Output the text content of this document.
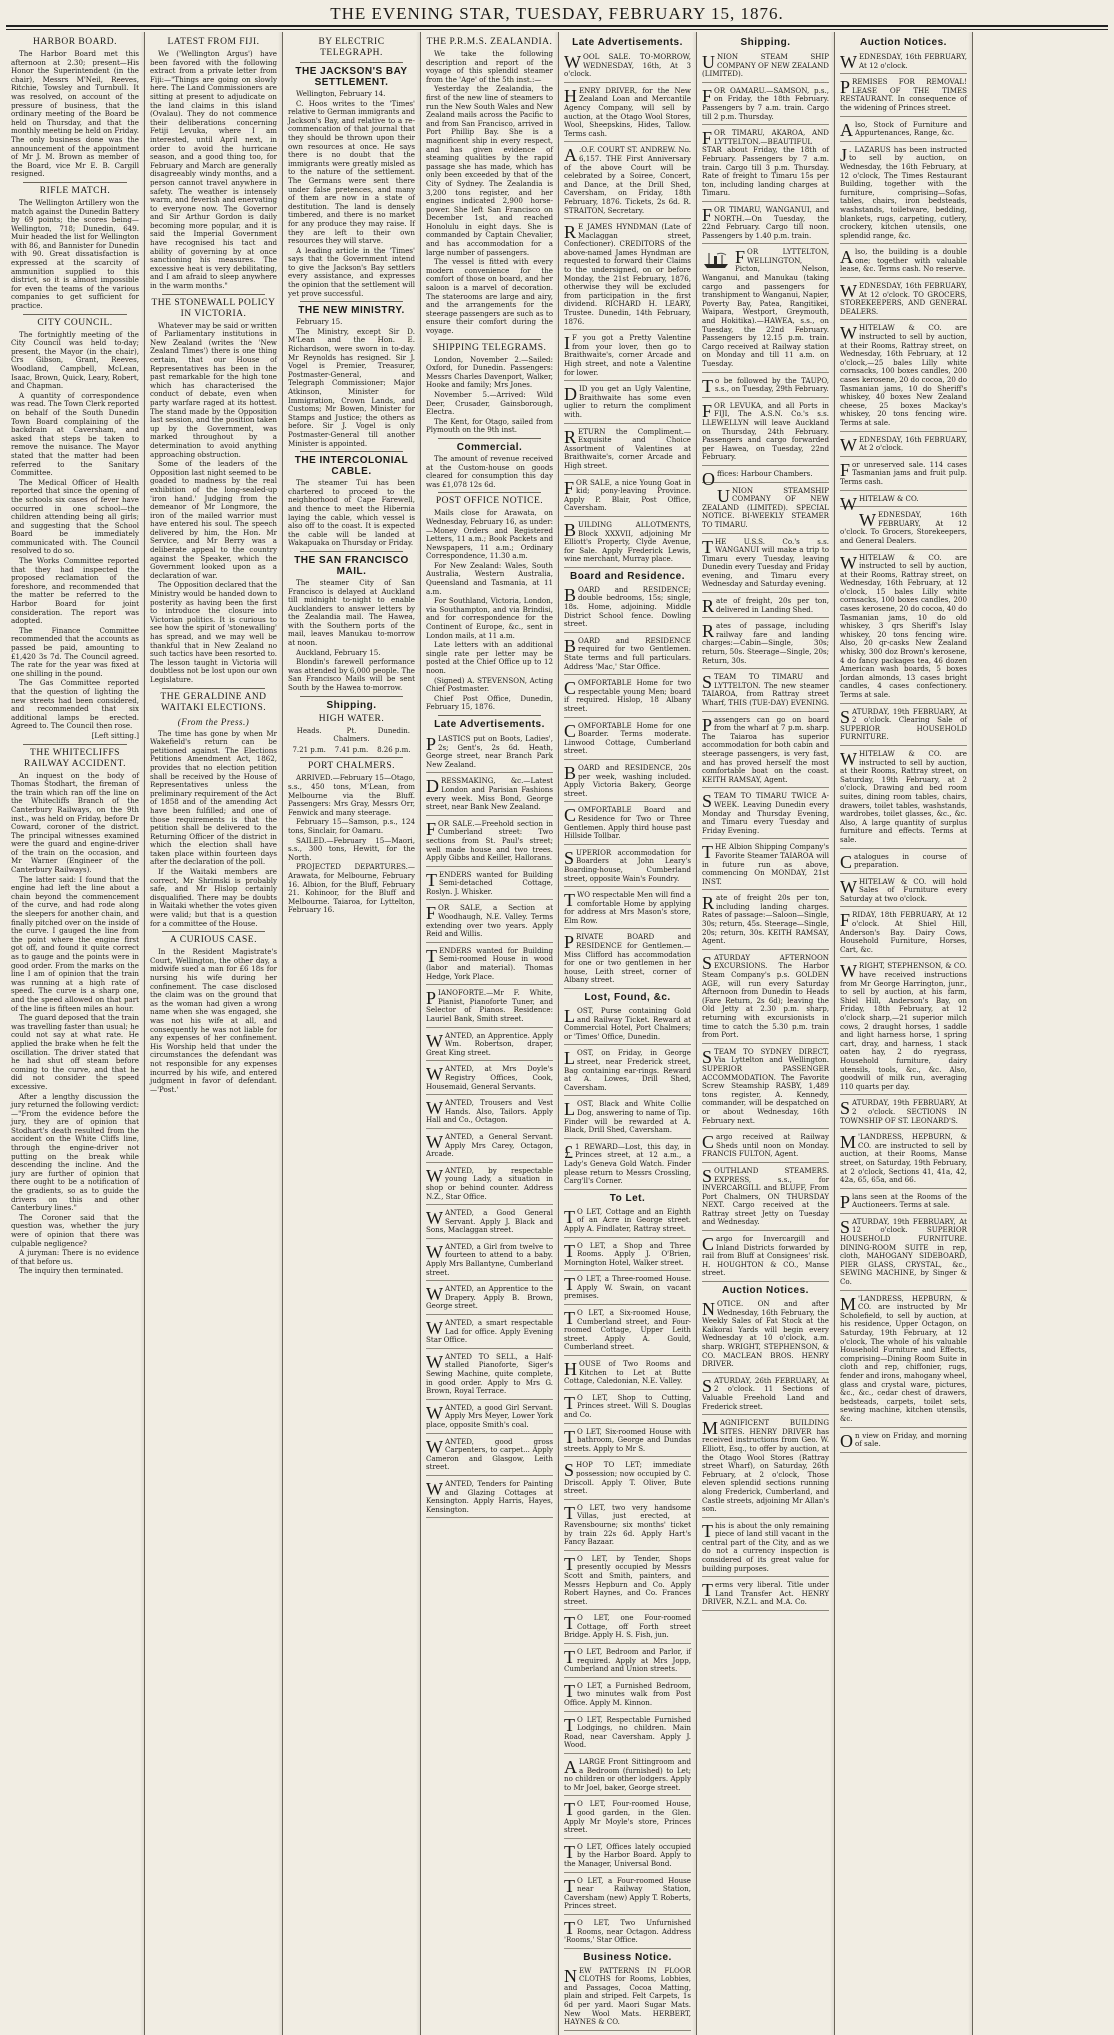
THE EVENING STAR, TUESDAY, FEBRUARY 15, 1876.
HARBOR BOARD.

The Harbor Board met this afternoon at 2.30; present—His Honor the Superintendent (in the chair), Messrs M'Neil, Reeves, Ritchie, Towsley and Turnbull. It was resolved, on account of the pressure of business, that the ordinary meeting of the Board be held on Thursday, and that the monthly meeting be held on Friday. The only business done was the announcement of the appointment of Mr J. M. Brown as member of the Board, vice Mr E. B. Cargill resigned.

RIFLE MATCH.

The Wellington Artillery won the match against the Dunedin Battery by 69 points; the scores being—Wellington, 718; Dunedin, 649. Muir headed the list for Wellington with 86, and Bannister for Dunedin with 90. Great dissatisfaction is expressed at the scarcity of ammunition supplied to this district, so it is almost impossible for even the teams of the various companies to get sufficient for practice.

CITY COUNCIL.

The fortnightly meeting of the City Council was held to-day; present, the Mayor (in the chair), Crs Gibson, Grant, Reeves, Woodland, Campbell, McLean, Isaac, Brown, Quick, Leary, Robert, and Chapman.

A quantity of correspondence was read. The Town Clerk reported on behalf of the South Dunedin Town Board complaining of the backdrain at Caversham, and asked that steps be taken to remove the nuisance. The Mayor stated that the matter had been referred to the Sanitary Committee.

The Medical Officer of Health reported that since the opening of the schools six cases of fever have occurred in one school—the children attending being all girls; and suggesting that the School Board be immediately communicated with. The Council resolved to do so.

The Works Committee reported that they had inspected the proposed reclamation of the foreshore, and recommended that the matter be referred to the Harbor Board for joint consideration. The report was adopted.

The Finance Committee recommended that the accounts as passed be paid, amounting to £1,420 3s 7d. The Council agreed. The rate for the year was fixed at one shilling in the pound.

The Gas Committee reported that the question of lighting the new streets had been considered, and recommended that six additional lamps be erected. Agreed to. The Council then rose.

[Left sitting.]
THE WHITECLIFFS RAILWAY ACCIDENT.

An inquest on the body of Thomas Stodhart, the fireman of the train which ran off the line on the Whitecliffs Branch of the Canterbury Railways, on the 9th inst., was held on Friday, before Dr Coward, coroner of the district. The principal witnesses examined were the guard and engine-driver of the train on the occasion, and Mr Warner (Engineer of the Canterbury Railways).

The latter said: I found that the engine had left the line about a chain beyond the commencement of the curve, and had rode along the sleepers for another chain, and finally pitched over on the inside of the curve. I gauged the line from the point where the engine first got off, and found it quite correct as to gauge and the points were in good order. From the marks on the line I am of opinion that the train was running at a high rate of speed. The curve is a sharp one, and the speed allowed on that part of the line is fifteen miles an hour.

The guard deposed that the train was travelling faster than usual; he could not say at what rate. He applied the brake when he felt the oscillation. The driver stated that he had shut off steam before coming to the curve, and that he did not consider the speed excessive.

After a lengthy discussion the jury returned the following verdict:—"From the evidence before the jury, they are of opinion that Stodhart's death resulted from the accident on the White Cliffs line, through the engine-driver not putting on the break while descending the incline. And the jury are further of opinion that there ought to be a notification of the gradients, so as to guide the drivers on this and other Canterbury lines."

The Coroner said that the question was, whether the jury were of opinion that there was culpable negligence?

A juryman: There is no evidence of that before us.

The inquiry then terminated.

LATEST FROM FIJI.

We ('Wellington Argus') have been favored with the following extract from a private letter from Fiji:—"Things are going on slowly here. The Land Commissioners are sitting at present to adjudicate on the land claims in this island (Ovalau). They do not commence their deliberations concerning Fetiji Levuka, where I am interested, until April next, in order to avoid the hurricane season, and a good thing too, for February and March are generally disagreeably windy months, and a person cannot travel anywhere in safety. The weather is intensely warm, and feverish and enervating to everyone now. The Governor and Sir Arthur Gordon is daily becoming more popular, and it is said the Imperial Government have recognised his tact and ability of governing by at once sanctioning his measures. The excessive heat is very debilitating, and I am afraid to sleep anywhere in the warm months."

THE STONEWALL POLICY IN VICTORIA.

Whatever may be said or written of Parliamentary institutions in New Zealand (writes the 'New Zealand Times') there is one thing certain, that our House of Representatives has been in the past remarkable for the high tone which has characterised the conduct of debate, even when party warfare raged at its hottest. The stand made by the Opposition last session, and the position taken up by the Government, was marked throughout by a determination to avoid anything approaching obstruction.

Some of the leaders of the Opposition last night seemed to be goaded to madness by the real exhibition of the long-sealed-up 'iron hand.' Judging from the demeanor of Mr Longmore, the iron of the mailed warrior must have entered his soul. The speech delivered by him, the Hon. Mr Service, and Mr Berry was a deliberate appeal to the country against the Speaker, which the Government looked upon as a declaration of war.

The Opposition declared that the Ministry would be handed down to posterity as having been the first to introduce the closure into Victorian politics. It is curious to see how the spirit of 'stonewalling' has spread, and we may well be thankful that in New Zealand no such tactics have been resorted to. The lesson taught in Victoria will doubtless not be lost upon our own Legislature.

THE GERALDINE AND WAITAKI ELECTIONS.
(From the Press.)

The time has gone by when Mr Wakefield's return can be petitioned against. The Elections Petitions Amendment Act, 1862, provides that no election petition shall be received by the House of Representatives unless the preliminary requirement of the Act of 1858 and of the amending Act have been fulfilled; and one of those requirements is that the petition shall be delivered to the Returning Officer of the district in which the election shall have taken place within fourteen days after the declaration of the poll.

If the Waitaki members are correct, Mr Shrimski is probably safe, and Mr Hislop certainly disqualified. There may be doubts in Waitaki whether the votes given were valid; but that is a question for a committee of the House.

A CURIOUS CASE.

In the Resident Magistrate's Court, Wellington, the other day, a midwife sued a man for £6 18s for nursing his wife during her confinement. The case disclosed the claim was on the ground that as the woman had given a wrong name when she was engaged, she was not his wife at all, and consequently he was not liable for any expenses of her confinement. His Worship held that under the circumstances the defendant was not responsible for any expenses incurred by his wife, and entered judgment in favor of defendant.—'Post.'

BY ELECTRIC TELEGRAPH.
THE JACKSON'S BAY SETTLEMENT.

Wellington, February 14.

C. Hoos writes to the 'Times' relative to German immigrants and Jackson's Bay, and relative to a re-commencation of that journal that they should be thrown upon their own resources at once. He says there is no doubt that the immigrants were greatly misled as to the nature of the settlement. The Germans were sent there under false pretences, and many of them are now in a state of destitution. The land is densely timbered, and there is no market for any produce they may raise. If they are left to their own resources they will starve.

A leading article in the 'Times' says that the Government intend to give the Jackson's Bay settlers every assistance, and expresses the opinion that the settlement will yet prove successful.

THE NEW MINISTRY.

February 15.

The Ministry, except Sir D. M'Lean and the Hon. E. Richardson, were sworn in to-day. Mr Reynolds has resigned. Sir J. Vogel is Premier, Treasurer, Postmaster-General, and Telegraph Commissioner; Major Atkinson, Minister for Immigration, Crown Lands, and Customs; Mr Bowen, Minister for Stamps and Justice; the others as before. Sir J. Vogel is only Postmaster-General till another Minister is appointed.

THE INTERCOLONIAL CABLE.

The steamer Tui has been chartered to proceed to the neighborhood of Cape Farewell, and thence to meet the Hibernia laying the cable, which vessel is also off to the coast. It is expected the cable will be landed at Wakapuaka on Thursday or Friday.

THE SAN FRANCISCO MAIL.

The steamer City of San Francisco is delayed at Auckland till midnight to-night to enable Aucklanders to answer letters by the Zealandia mail. The Hawea, with the Southern ports of the mail, leaves Manukau to-morrow at noon.

Auckland, February 15.

Blondin's farewell performance was attended by 6,000 people. The San Francisco Mails will be sent South by the Hawea to-morrow.

Shipping.
HIGH WATER.
Heads.	Pt. Chalmers.
Dunedin.
7.21 p.m.	7.41 p.m.	8.26 p.m.
PORT CHALMERS.

ARRIVED.—February 15—Otago, s.s., 450 tons, M'Lean, from Melbourne via the Bluff. Passengers: Mrs Gray, Messrs Orr, Fenwick and many steerage.

February 15—Samson, p.s., 124 tons, Sinclair, for Oamaru.

SAILED.—February 15—Maori, s.s., 300 tons, Hewitt, for the North.

PROJECTED DEPARTURES.—Arawata, for Melbourne, February 16. Albion, for the Bluff, February 21. Kohinoor, for the Bluff and Melbourne. Taiaroa, for Lyttelton, February 16.

THE P.R.M.S. ZEALANDIA.

We take the following description and report of the voyage of this splendid steamer from the 'Age' of the 5th inst.:—

Yesterday the Zealandia, the first of the new line of steamers to run the New South Wales and New Zealand mails across the Pacific to and from San Francisco, arrived in Port Phillip Bay. She is a magnificent ship in every respect, and has given evidence of steaming qualities by the rapid passage she has made, which has only been exceeded by that of the City of Sydney. The Zealandia is 3,200 tons register, and her engines indicated 2,900 horse-power. She left San Francisco on December 1st, and reached Honolulu in eight days. She is commanded by Captain Chevalier, and has accommodation for a large number of passengers.

The vessel is fitted with every modern convenience for the comfort of those on board, and her saloon is a marvel of decoration. The staterooms are large and airy, and the arrangements for the steerage passengers are such as to ensure their comfort during the voyage.

SHIPPING TELEGRAMS.

London, November 2.—Sailed: Oxford, for Dunedin. Passengers: Messrs Charles Davenport, Walker, Hooke and family; Mrs Jones.

November 5.—Arrived: Wild Deer, Crusader, Gainsborough, Electra.

The Kent, for Otago, sailed from Plymouth on the 9th inst.

Commercial.

The amount of revenue received at the Custom-house on goods cleared for consumption this day was £1,078 12s 6d.

POST OFFICE NOTICE.

Mails close for Arawata, on Wednesday, February 16, as under:—Money Orders and Registered Letters, 11 a.m.; Book Packets and Newspapers, 11 a.m.; Ordinary Correspondence, 11.30 a.m.

For New Zealand: Wales, South Australia, Western Australia, Queensland and Tasmania, at 11 a.m.

For Southland, Victoria, London, via Southampton, and via Brindisi, and for correspondence for the Continent of Europe, &c., sent in London mails, at 11 a.m.

Late letters with an additional single rate per letter may be posted at the Chief Office up to 12 noon.

(Signed) A. STEVENSON, Acting Chief Postmaster.

Chief Post Office, Dunedin, February 15, 1876.

Late Advertisements.
PLASTICS put on Boots, Ladies', 2s; Gent's, 2s 6d. Heath, George street, near Branch Park New Zealand.
DRESSMAKING, &c.—Latest London and Parisian Fashions every week. Miss Bond, George street, near Bank New Zealand.
FOR SALE.—Freehold section in Cumberland street: Two sections from St. Paul's street; well made house and two trees. Apply Gibbs and Keiller, Hallorans.
TENDERS wanted for Building Semi-detached Cottage, Roslyn. J. Whisker.
FOR SALE, a Section at Woodhaugh, N.E. Valley. Terms extending over two years. Apply Reid and Willis.
TENDERS wanted for Building Semi-roomed House in wood (labor and material). Thomas Hedge, York Place.
PIANOFORTE.—Mr F. White, Pianist, Pianoforte Tuner, and Selector of Pianos. Residence: Lauriel Bank, Smith street.
WANTED, an Apprentice. Apply Wm. Robertson, draper, Great King street.
WANTED, at Mrs Doyle's Registry Offices, Cook, Housemaid, General Servants.
WANTED, Trousers and Vest Hands. Also, Tailors. Apply Hall and Co., Octagon.
WANTED, a General Servant. Apply Mrs Carey, Octagon, Arcade.
WANTED, by respectable young Lady, a situation in shop or behind counter. Address N.Z., Star Office.
WANTED, a Good General Servant. Apply J. Black and Sons, Maclaggan street.
WANTED, a Girl from twelve to fourteen to attend to a baby. Apply Mrs Ballantyne, Cumberland street.
WANTED, an Apprentice to the Drapery. Apply B. Brown, George street.
WANTED, a smart respectable Lad for office. Apply Evening Star Office.
WANTED TO SELL, a Half-stalled Pianoforte, Siger's Sewing Machine, quite complete, in good order. Apply to Mrs G. Brown, Royal Terrace.
WANTED, a good Girl Servant. Apply Mrs Meyer, Lower York place, opposite Smith's coal.
WANTED, good gross Carpenters, to carpet... Apply Cameron and Glasgow, Leith street.
WANTED, Tenders for Painting and Glazing Cottages at Kensington. Apply Harris, Hayes, Kensington.
Late Advertisements.
WOOL SALE. TO-MORROW, WEDNESDAY, 16th, At 3 o'clock.
HENRY DRIVER, for the New Zealand Loan and Mercantile Agency Company, will sell by auction, at the Otago Wool Stores, Wool, Sheepskins, Hides, Tallow. Terms cash.
A .O.F. COURT ST. ANDREW. No. 6,157. THE First Anniversary of the above Court will be celebrated by a Soiree, Concert, and Dance, at the Drill Shed, Caversham, on Friday, 18th February, 1876. Tickets, 2s 6d. R. STRAITON, Secretary.
R E JAMES HYNDMAN (Late of Maclaggan street, Confectioner). CREDITORS of the above-named James Hyndman are requested to forward their Claims to the undersigned, on or before Monday, the 21st February, 1876, otherwise they will be excluded from participation in the first dividend. RICHARD H. LEARY, Trustee. Dunedin, 14th February, 1876.
I F you got a Pretty Valentine from your lover, then go to Braithwaite's, corner Arcade and High street, and note a Valentine for lower.
DID you get an Ugly Valentine, Braithwaite has some even uglier to return the compliment with.
RETURN the Compliment.—Exquisite and Choice Assortment of Valentines at Braithwaite's, corner Arcade and High street.
FOR SALE, a nice Young Goat in kid; pony-leaving Province. Apply P. Blair, Post Office, Caversham.
BUILDING ALLOTMENTS, Block XXXVII, adjoining Mr Elliott's Property, Clyde Avenue, for Sale. Apply Frederick Lewis, wine merchant, Murray place.
Board and Residence.
BOARD and RESIDENCE; double bedrooms, 15s; single, 18s. Home, adjoining. Middle District School fence. Dowling street.
BOARD and RESIDENCE required for two Gentlemen. State terms and full particulars. Address 'Mac,' Star Office.
COMFORTABLE Home for two respectable young Men; board if required. Hislop, 18 Albany street.
COMFORTABLE Home for one Boarder. Terms moderate. Linwood Cottage, Cumberland street.
BOARD and RESIDENCE, 20s per week, washing included. Apply Victoria Bakery, George street.
COMFORTABLE Board and Residence for Two or Three Gentlemen. Apply third house past Hillside Tollbar.
SUPERIOR accommodation for Boarders at John Leary's Boarding-house, Cumberland street, opposite Wain's Foundry.
TWO respectable Men will find a comfortable Home by applying for address at Mrs Mason's store, Elm Row.
PRIVATE BOARD and RESIDENCE for Gentlemen.—Miss Clifford has accommodation for one or two gentlemen in her house, Leith street, corner of Albany street.
Lost, Found, &c.
LOST, Purse containing Gold and Railway Ticket. Reward at Commercial Hotel, Port Chalmers; or 'Times' Office, Dunedin.
LOST, on Friday, in George street, near Frederick street, Bag containing ear-rings. Reward at A. Lowes, Drill Shed, Caversham.
LOST, Black and White Collie Dog, answering to name of Tip. Finder will be rewarded at A. Black, Drill Shed, Caversham.
£ 1 REWARD—Lost, this day, in Princes street, at 12 a.m., a Lady's Geneva Gold Watch. Finder please return to Messrs Crossling, Carg'll's Corner.
To Let.
T O LET, Cottage and an Eighth of an Acre in George street. Apply A. Findlater, Rattray street.
T O LET, a Shop and Three Rooms. Apply J. O'Brien, Mornington Hotel, Walker street.
T O LET, a Three-roomed House. Apply W. Swain, on vacant premises.
T O LET, a Six-roomed House, Cumberland street, and Four-roomed Cottage, Upper Leith street. Apply A. Gould, Cumberland street.
HOUSE of Two Rooms and Kitchen to Let at Butte Cottage, Caledonian, N.E. Valley.
T O LET, Shop to Cutting, Princes street. Will S. Douglas and Co.
T O LET, Six-roomed House with bathroom, George and Dundas streets. Apply to Mr S.
SHOP TO LET; immediate possession; now occupied by C. Driscoll. Apply T. Oliver, Bute street.
T O LET, two very handsome Villas, just erected, at Ravensbourne; six months' ticket by train 22s 6d. Apply Hart's Fancy Bazaar.
T O LET, by Tender, Shops presently occupied by Messrs Scott and Smith, painters, and Messrs Hepburn and Co. Apply Robert Haynes, and Co. Frances street.
T O LET, one Four-roomed Cottage, off Forth street Bridge. Apply H. S. Fish, jun.
T O LET, Bedroom and Parlor, if required. Apply at Mrs Jopp, Cumberland and Union streets.
T O LET, a Furnished Bedroom, two minutes walk from Post Office. Apply M. Kinnon.
T O LET, Respectable Furnished Lodgings, no children. Main Road, near Caversham. Apply J. Wood.
A LARGE Front Sittingroom and a Bedroom (furnished) to Let; no children or other lodgers. Apply to Mr Joel, baker, George street.
T O LET, Four-roomed House, good garden, in the Glen. Apply Mr Moyle's store, Princes street.
T O LET, Offices lately occupied by the Harbor Board. Apply to the Manager, Universal Bond.
T O LET, a Four-roomed House near Railway Station, Caversham (new) Apply T. Roberts, Princes street.
T O LET, Two Unfurnished Rooms, near Octagon. Address 'Rooms,' Star Office.
Business Notice.
NEW PATTERNS IN FLOOR CLOTHS for Rooms, Lobbies, and Passages, Cocoa Matting, plain and striped. Felt Carpets, 1s 6d per yard. Maori Sugar Mats. New Wool Mats. HERBERT, HAYNES & CO.
Shipping.
UNION STEAM SHIP COMPANY OF NEW ZEALAND (LIMITED).
FOR OAMARU.—SAMSON, p.s., on Friday, the 18th February. Passengers by 7 a.m. train. Cargo till 2 p.m. Thursday.
FOR TIMARU, AKAROA, AND LYTTELTON.—BEAUTIFUL STAR about Friday, the 18th of February. Passengers by 7 a.m. train. Cargo till 3 p.m. Thursday. Rate of freight to Timaru 15s per ton, including landing charges at Timaru.
FOR TIMARU, WANGANUI, and NORTH.—On Tuesday, the 22nd February. Cargo till noon. Passengers by 1.40 p.m. train.
FOR LYTTELTON, WELLINGTON, Picton, Nelson, Wanganui, and Manukau (taking cargo and passengers for transhipment to Wanganui, Napier, Poverty Bay, Patea, Rangitikei, Waipara, Westport, Greymouth, and Hokitika).—HAWEA, s.s., on Tuesday, the 22nd February. Passengers by 12.15 p.m. train. Cargo received at Railway station on Monday and till 11 a.m. on Tuesday.
To be followed by the TAUPO, s.s., on Tuesday, 29th February.
FOR LEVUKA, and all Ports in FIJI, The A.S.N. Co.'s s.s. LLEWELLYN will leave Auckland on Thursday, 24th February. Passengers and cargo forwarded per Hawea, on Tuesday, 22nd February.
Offices: Harbour Chambers.
UNION STEAMSHIP COMPANY OF NEW ZEALAND (LIMITED). SPECIAL NOTICE. BI-WEEKLY STEAMER TO TIMARU.
THE U.S.S. Co.'s s.s. WANGANUI will make a trip to Timaru every Tuesday, leaving Dunedin every Tuesday and Friday evening, and Timaru every Wednesday and Saturday evening.
Rate of freight, 20s per ton, delivered in Landing Shed.
Rates of passage, including railway fare and landing charges:—Cabin—Single, 30s; return, 50s. Steerage—Single, 20s; Return, 30s.
STEAM TO TIMARU and LYTTELTON. The new steamer TAIAROA, from Rattray street Wharf, THIS (TUE-DAY) EVENING.
Passengers can go on board from the wharf at 7 p.m. sharp. The Taiaroa has superior accommodation for both cabin and steerage passengers, is very fast, and has proved herself the most comfortable boat on the coast. KEITH RAMSAY, Agent.
STEAM TO TIMARU TWICE A-WEEK. Leaving Dunedin every Monday and Thursday Evening, and Timaru every Tuesday and Friday Evening.
THE Albion Shipping Company's Favorite Steamer TAIAROA will in future run as above, commencing On MONDAY, 21st INST.
Rate of freight 20s per ton, including landing charges. Rates of passage:—Saloon—Single, 30s; return, 45s. Steerage—Single, 20s; return, 30s. KEITH RAMSAY, Agent.
SATURDAY AFTERNOON EXCURSIONS. The Harbor Steam Company's p.s. GOLDEN AGE, will run every Saturday Afternoon from Dunedin to Heads (Fare Return, 2s 6d); leaving the Old Jetty at 2.30 p.m. sharp, returning with excursionists in time to catch the 5.30 p.m. train from Port.
STEAM TO SYDNEY DIRECT, Via Lyttelton and Wellington. SUPERIOR PASSENGER ACCOMMODATION. The Favorite Screw Steamship RASBY, 1,489 tons register, A. Kennedy, commander, will be despatched on or about Wednesday, 16th February next.
Cargo received at Railway Sheds until noon on Monday. FRANCIS FULTON, Agent.
SOUTHLAND STEAMERS. EXPRESS, s.s., for INVERCARGILL and BLUFF, From Port Chalmers, ON THURSDAY NEXT. Cargo received at the Rattray street Jetty on Tuesday and Wednesday.
Cargo for Invercargill and Inland Districts forwarded by rail from Bluff at Consignees' risk. H. HOUGHTON & CO., Manse street.
Auction Notices.
NOTICE. ON and after Wednesday, 16th February, the Weekly Sales of Fat Stock at the Kaikorai Yards will begin every Wednesday at 10 o'clock, a.m. sharp. WRIGHT, STEPHENSON, & CO. MACLEAN BROS. HENRY DRIVER.
SATURDAY, 26th FEBRUARY, At 2 o'clock. 11 Sections of Valuable Freehold Land and Frederick street.
MAGNIFICENT BUILDING SITES. HENRY DRIVER has received instructions from Geo. W. Elliott, Esq., to offer by auction, at the Otago Wool Stores (Rattray street Wharf), on Saturday, 26th February, at 2 o'clock, Those eleven splendid sections running along Frederick, Cumberland, and Castle streets, adjoining Mr Allan's son.
This is about the only remaining piece of land still vacant in the central part of the City, and as we do not a currency inspection is considered of its great value for building purposes.
Terms very liberal. Title under Land Transfer Act. HENRY DRIVER, N.Z.L. and M.A. Co.
Auction Notices.
WEDNESDAY, 16th FEBRUARY, At 12 o'clock.
PREMISES FOR REMOVAL! LEASE OF THE TIMES RESTAURANT. In consequence of the widening of Princes street.
Also, Stock of Furniture and Appurtenances, Range, &c.
J . LAZARUS has been instructed to sell by auction, on Wednesday, the 16th February, at 12 o'clock, The Times Restaurant Building, together with the furniture, comprising—Sofas, tables, chairs, iron bedsteads, washstands, toiletware, bedding, blankets, rugs, carpeting, cutlery, crockery, kitchen utensils, one splendid range, &c.
Also, the building is a double one; together with valuable lease, &c. Terms cash. No reserve.
WEDNESDAY, 16th FEBRUARY, At 12 o'clock. TO GROCERS, STOREKEEPERS, AND GENERAL DEALERS.
WHITELAW & CO. are instructed to sell by auction, at their Rooms, Rattray street, on Wednesday, 16th February, at 12 o'clock,—25 bales Lilly white cornsacks, 100 boxes candles, 200 cases kerosene, 20 do cocoa, 20 do Tasmanian jams, 10 do Sheriff's whiskey, 40 boxes New Zealand cheese, 25 boxes Mackay's whiskey, 20 tons fencing wire. Terms at sale.
WEDNESDAY, 16th FEBRUARY, At 2 o'clock.
For unreserved sale. 114 cases Tasmanian jams and fruit pulp. Terms cash.
WHITELAW & CO.
WEDNESDAY, 16th FEBRUARY, At 12 o'clock. To Grocers, Storekeepers, and General Dealers.
WHITELAW & CO. are instructed to sell by auction, at their Rooms, Rattray street, on Wednesday, 16th February, at 12 o'clock, 15 bales Lilly white cornsacks, 100 boxes candles, 200 cases kerosene, 20 do cocoa, 40 do Tasmanian jams, 10 do old whiskey, 3 qrs Sheriff's Islay whiskey, 20 tons fencing wire. Also, 20 qr-casks New Zealand whisky, 300 doz Brown's kerosene, 4 do fancy packages tea, 46 dozen American wash boards, 5 boxes Jordan almonds, 13 cases bright candles, 4 cases confectionery. Terms at sale.
SATURDAY, 19th FEBRUARY, At 2 o'clock. Clearing Sale of SUPERIOR HOUSEHOLD FURNITURE.
WHITELAW & CO. are instructed to sell by auction, at their Rooms, Rattray street, on Saturday, 19th February, at 2 o'clock, Drawing and bed room suites, dining room tables, chairs, drawers, toilet tables, washstands, wardrobes, toilet glasses, &c., &c. Also, A large quantity of surplus furniture and effects. Terms at sale.
Catalogues in course of preparation.
WHITELAW & CO. will hold Sales of Furniture every Saturday at two o'clock.
FRIDAY, 18th FEBRUARY, At 12 o'clock. At Shiel Hill, Anderson's Bay. Dairy Cows, Household Furniture, Horses, Cart, &c.
WRIGHT, STEPHENSON, & CO. have received instructions from Mr George Harrington, junr., to sell by auction, at his farm, Shiel Hill, Anderson's Bay, on Friday, 18th February, at 12 o'clock sharp,—21 superior milch cows, 2 draught horses, 1 saddle and light harness horse, 1 spring cart, dray, and harness, 1 stack oaten hay, 2 do ryegrass, Household furniture, dairy utensils, tools, &c., &c. Also, goodwill of milk run, averaging 110 quarts per day.
SATURDAY, 19th FEBRUARY, At 2 o'clock. SECTIONS IN TOWNSHIP OF ST. LEONARD'S.
M 'LANDRESS, HEPBURN, & CO. are instructed to sell by auction, at their Rooms, Manse street, on Saturday, 19th February, at 2 o'clock, Sections 41, 41a, 42, 42a, 65, 65a, and 66.
Plans seen at the Rooms of the Auctioneers. Terms at sale.
SATURDAY, 19th FEBRUARY, At 12 o'clock. SUPERIOR HOUSEHOLD FURNITURE. DINING-ROOM SUITE in rep, cloth, MAHOGANY SIDEBOARD, PIER GLASS, CRYSTAL, &c., SEWING MACHINE, by Singer & Co.
M 'LANDRESS, HEPBURN, & CO. are instructed by Mr Scholefield, to sell by auction, at his residence, Upper Octagon, on Saturday, 19th February, at 12 o'clock, The whole of his valuable Household Furniture and Effects, comprising—Dining Room Suite in cloth and rep, chiffonier, rugs, fender and irons, mahogany wheel, glass and crystal ware, pictures, &c., &c., cedar chest of drawers, bedsteads, carpets, toilet sets, sewing machine, kitchen utensils, &c.
On view on Friday, and morning of sale.
